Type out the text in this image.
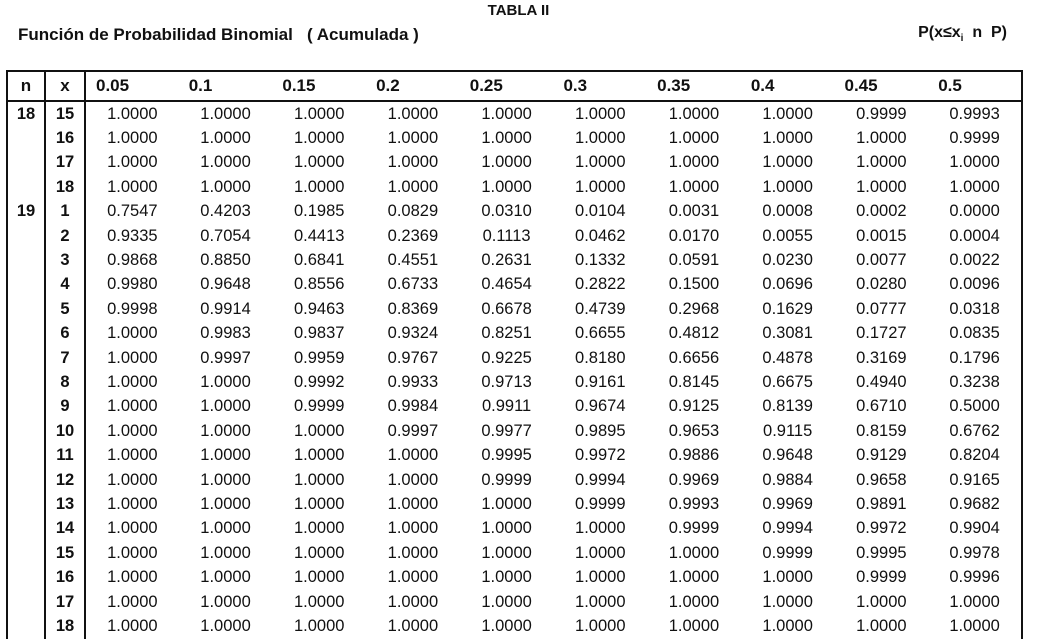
TABLA II
Función de Probabilidad Binomial   ( Acumulada )	$P(x\le x_i$  n  P)
n	x	0.05	0.1	0.15	0.2	0.25	0.3	0.35	0.4	0.45	0.5
18	15	1.0000	1.0000	1.0000	1.0000	1.0000	1.0000	1.0000	1.0000	0.9999	0.9993
	16	1.0000	1.0000	1.0000	1.0000	1.0000	1.0000	1.0000	1.0000	1.0000	0.9999
	17	1.0000	1.0000	1.0000	1.0000	1.0000	1.0000	1.0000	1.0000	1.0000	1.0000
	18	1.0000	1.0000	1.0000	1.0000	1.0000	1.0000	1.0000	1.0000	1.0000	1.0000
19	1	0.7547	0.4203	0.1985	0.0829	0.0310	0.0104	0.0031	0.0008	0.0002	0.0000
	2	0.9335	0.7054	0.4413	0.2369	0.1113	0.0462	0.0170	0.0055	0.0015	0.0004
	3	0.9868	0.8850	0.6841	0.4551	0.2631	0.1332	0.0591	0.0230	0.0077	0.0022
	4	0.9980	0.9648	0.8556	0.6733	0.4654	0.2822	0.1500	0.0696	0.0280	0.0096
	5	0.9998	0.9914	0.9463	0.8369	0.6678	0.4739	0.2968	0.1629	0.0777	0.0318
	6	1.0000	0.9983	0.9837	0.9324	0.8251	0.6655	0.4812	0.3081	0.1727	0.0835
	7	1.0000	0.9997	0.9959	0.9767	0.9225	0.8180	0.6656	0.4878	0.3169	0.1796
	8	1.0000	1.0000	0.9992	0.9933	0.9713	0.9161	0.8145	0.6675	0.4940	0.3238
	9	1.0000	1.0000	0.9999	0.9984	0.9911	0.9674	0.9125	0.8139	0.6710	0.5000
	10	1.0000	1.0000	1.0000	0.9997	0.9977	0.9895	0.9653	0.9115	0.8159	0.6762
	11	1.0000	1.0000	1.0000	1.0000	0.9995	0.9972	0.9886	0.9648	0.9129	0.8204
	12	1.0000	1.0000	1.0000	1.0000	0.9999	0.9994	0.9969	0.9884	0.9658	0.9165
	13	1.0000	1.0000	1.0000	1.0000	1.0000	0.9999	0.9993	0.9969	0.9891	0.9682
	14	1.0000	1.0000	1.0000	1.0000	1.0000	1.0000	0.9999	0.9994	0.9972	0.9904
	15	1.0000	1.0000	1.0000	1.0000	1.0000	1.0000	1.0000	0.9999	0.9995	0.9978
	16	1.0000	1.0000	1.0000	1.0000	1.0000	1.0000	1.0000	1.0000	0.9999	0.9996
	17	1.0000	1.0000	1.0000	1.0000	1.0000	1.0000	1.0000	1.0000	1.0000	1.0000
	18	1.0000	1.0000	1.0000	1.0000	1.0000	1.0000	1.0000	1.0000	1.0000	1.0000
